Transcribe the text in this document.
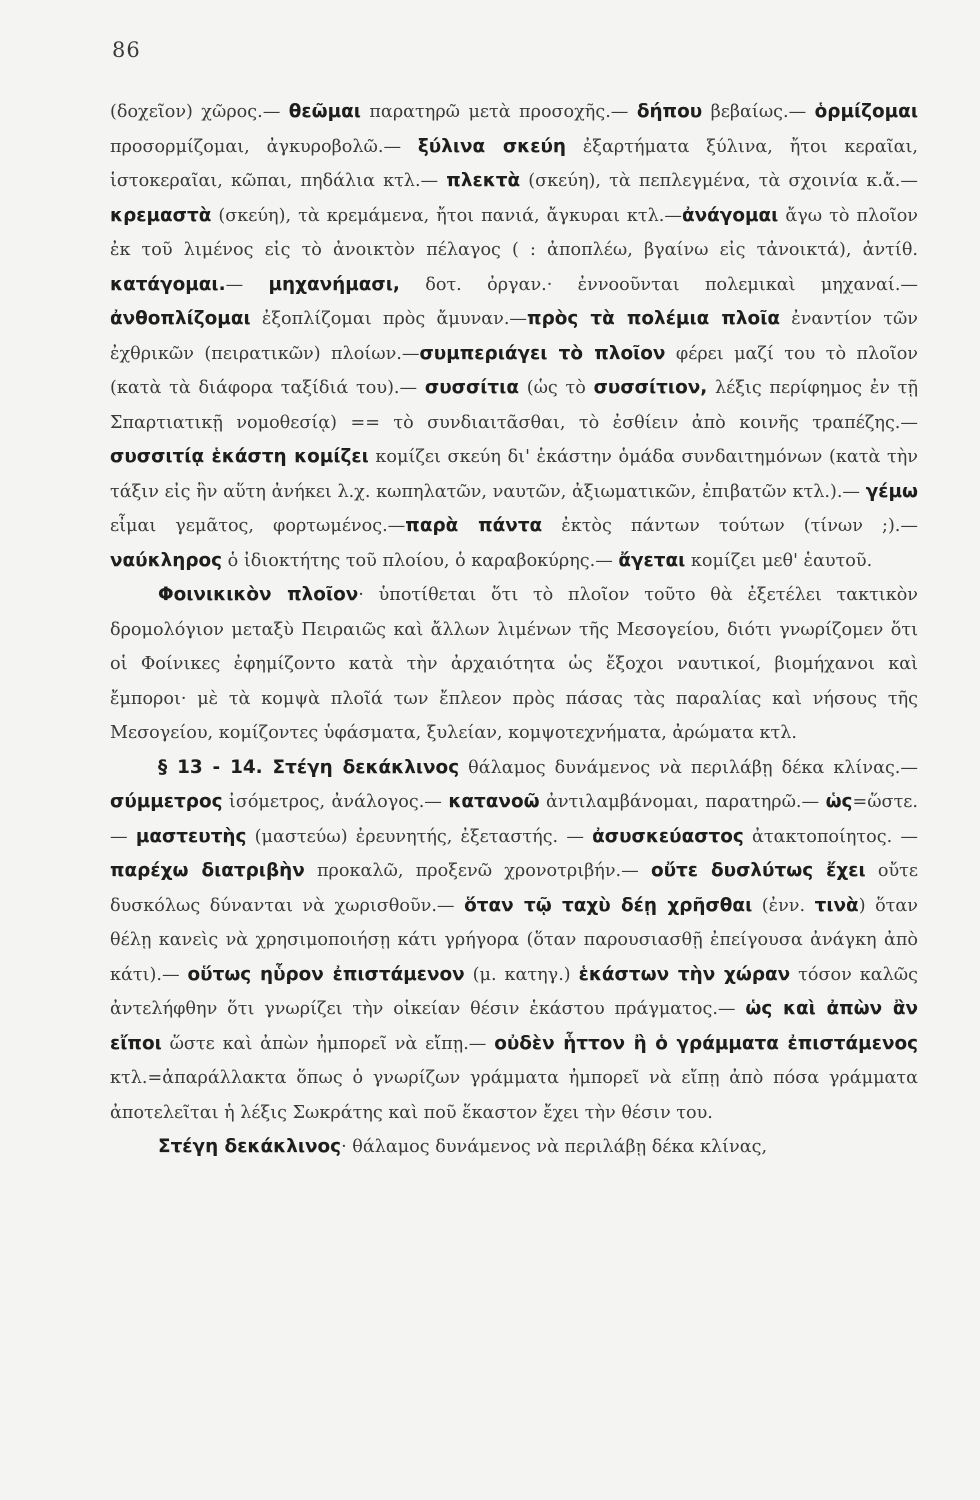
86

(δοχεῖον) χῶρος.— θεῶμαι παρατηρῶ μετὰ προσοχῆς.— δήπου βεβαίως.— ὁρμίζομαι προσορμίζομαι, ἀγκυροβολῶ.— ξύλινα σκεύη ἐξαρτήματα ξύλινα, ἤτοι κεραῖαι, ἱστοκεραῖαι, κῶπαι, πηδάλια κτλ.— πλεκτὰ (σκεύη), τὰ πεπλεγμένα, τὰ σχοινία κ.ἄ.—κρεμαστὰ (σκεύη), τὰ κρεμάμενα, ἤτοι πανιά, ἄγκυραι κτλ.—ἀνάγομαι ἄγω τὸ πλοῖον ἐκ τοῦ λιμένος εἰς τὸ ἀνοικτὸν πέλαγος ( : ἀποπλέω, βγαίνω εἰς τἀνοικτά), ἀντίθ. κατάγομαι.— μηχανήμασι, δοτ. ὀργαν.· ἐννοοῦνται πολεμικαὶ μηχαναί.—ἀνθοπλίζομαι ἐξοπλίζομαι πρὸς ἄμυναν.—πρὸς τὰ πολέμια πλοῖα ἐναντίον τῶν ἐχθρικῶν (πειρατικῶν) πλοίων.—συμπεριάγει τὸ πλοῖον φέρει μαζί του τὸ πλοῖον (κατὰ τὰ διάφορα ταξίδιά του).— συσσίτια (ὡς τὸ συσσίτιον, λέξις περίφημος ἐν τῇ Σπαρτιατικῇ νομοθεσίᾳ) == τὸ συνδιαιτᾶσθαι, τὸ ἐσθίειν ἀπὸ κοινῆς τραπέζης.— συσσιτίᾳ ἑκάστη κομίζει κομίζει σκεύη δι' ἑκάστην ὁμάδα συνδαιτημόνων (κατὰ τὴν τάξιν εἰς ἣν αὕτη ἀνήκει λ.χ. κωπηλατῶν, ναυτῶν, ἀξιωματικῶν, ἐπιβατῶν κτλ.).— γέμω εἶμαι γεμᾶτος, φορτωμένος.—παρὰ πάντα ἐκτὸς πάντων τούτων (τίνων ;).— ναύκληρος ὁ ἰδιοκτήτης τοῦ πλοίου, ὁ καραβοκύρης.— ἄγεται κομίζει μεθ' ἑαυτοῦ.

Φοινικικὸν πλοῖον· ὑποτίθεται ὅτι τὸ πλοῖον τοῦτο θὰ ἐξετέλει τακτικὸν δρομολόγιον μεταξὺ Πειραιῶς καὶ ἄλλων λιμένων τῆς Μεσογείου, διότι γνωρίζομεν ὅτι οἱ Φοίνικες ἐφημίζοντο κατὰ τὴν ἀρχαιότητα ὡς ἔξοχοι ναυτικοί, βιομήχανοι καὶ ἔμποροι· μὲ τὰ κομψὰ πλοῖά των ἔπλεον πρὸς πάσας τὰς παραλίας καὶ νήσους τῆς Μεσογείου, κομίζοντες ὑφάσματα, ξυλείαν, κομψοτεχνήματα, ἀρώματα κτλ.

§ 13 - 14. Στέγη δεκάκλινος θάλαμος δυνάμενος νὰ περιλάβῃ δέκα κλίνας.— σύμμετρος ἰσόμετρος, ἀνάλογος.— κατανοῶ ἀντιλαμβάνομαι, παρατηρῶ.— ὡς=ὥστε.— μαστευτὴς (μαστεύω) ἐρευνητής, ἐξεταστής. — ἀσυσκεύαστος ἀτακτοποίητος. — παρέχω διατριβὴν προκαλῶ, προξενῶ χρονοτριβήν.— οὔτε δυσλύτως ἔχει οὔτε δυσκόλως δύνανται νὰ χωρισθοῦν.— ὅταν τῷ ταχὺ δέῃ χρῆσθαι (ἐνν. τινὰ) ὅταν θέλῃ κανεὶς νὰ χρησιμοποιήσῃ κάτι γρήγορα (ὅταν παρουσιασθῇ ἐπείγουσα ἀνάγκη ἀπὸ κάτι).— οὕτως ηὗρον ἐπιστάμενον (μ. κατηγ.) ἑκάστων τὴν χώραν τόσον καλῶς ἀντελήφθην ὅτι γνωρίζει τὴν οἰκείαν θέσιν ἑκάστου πράγματος.— ὡς καὶ ἀπὼν ἂν εἴποι ὥστε καὶ ἀπὼν ἠμπορεῖ νὰ εἴπῃ.— οὐδὲν ἧττον ἢ ὁ γράμματα ἐπιστάμενος κτλ.=ἀπαράλλακτα ὅπως ὁ γνωρίζων γράμματα ἠμπορεῖ νὰ εἴπῃ ἀπὸ πόσα γράμματα ἀποτελεῖται ἡ λέξις Σωκράτης καὶ ποῦ ἕκαστον ἔχει τὴν θέσιν του.

Στέγη δεκάκλινος· θάλαμος δυνάμενος νὰ περιλάβῃ δέκα κλίνας,
